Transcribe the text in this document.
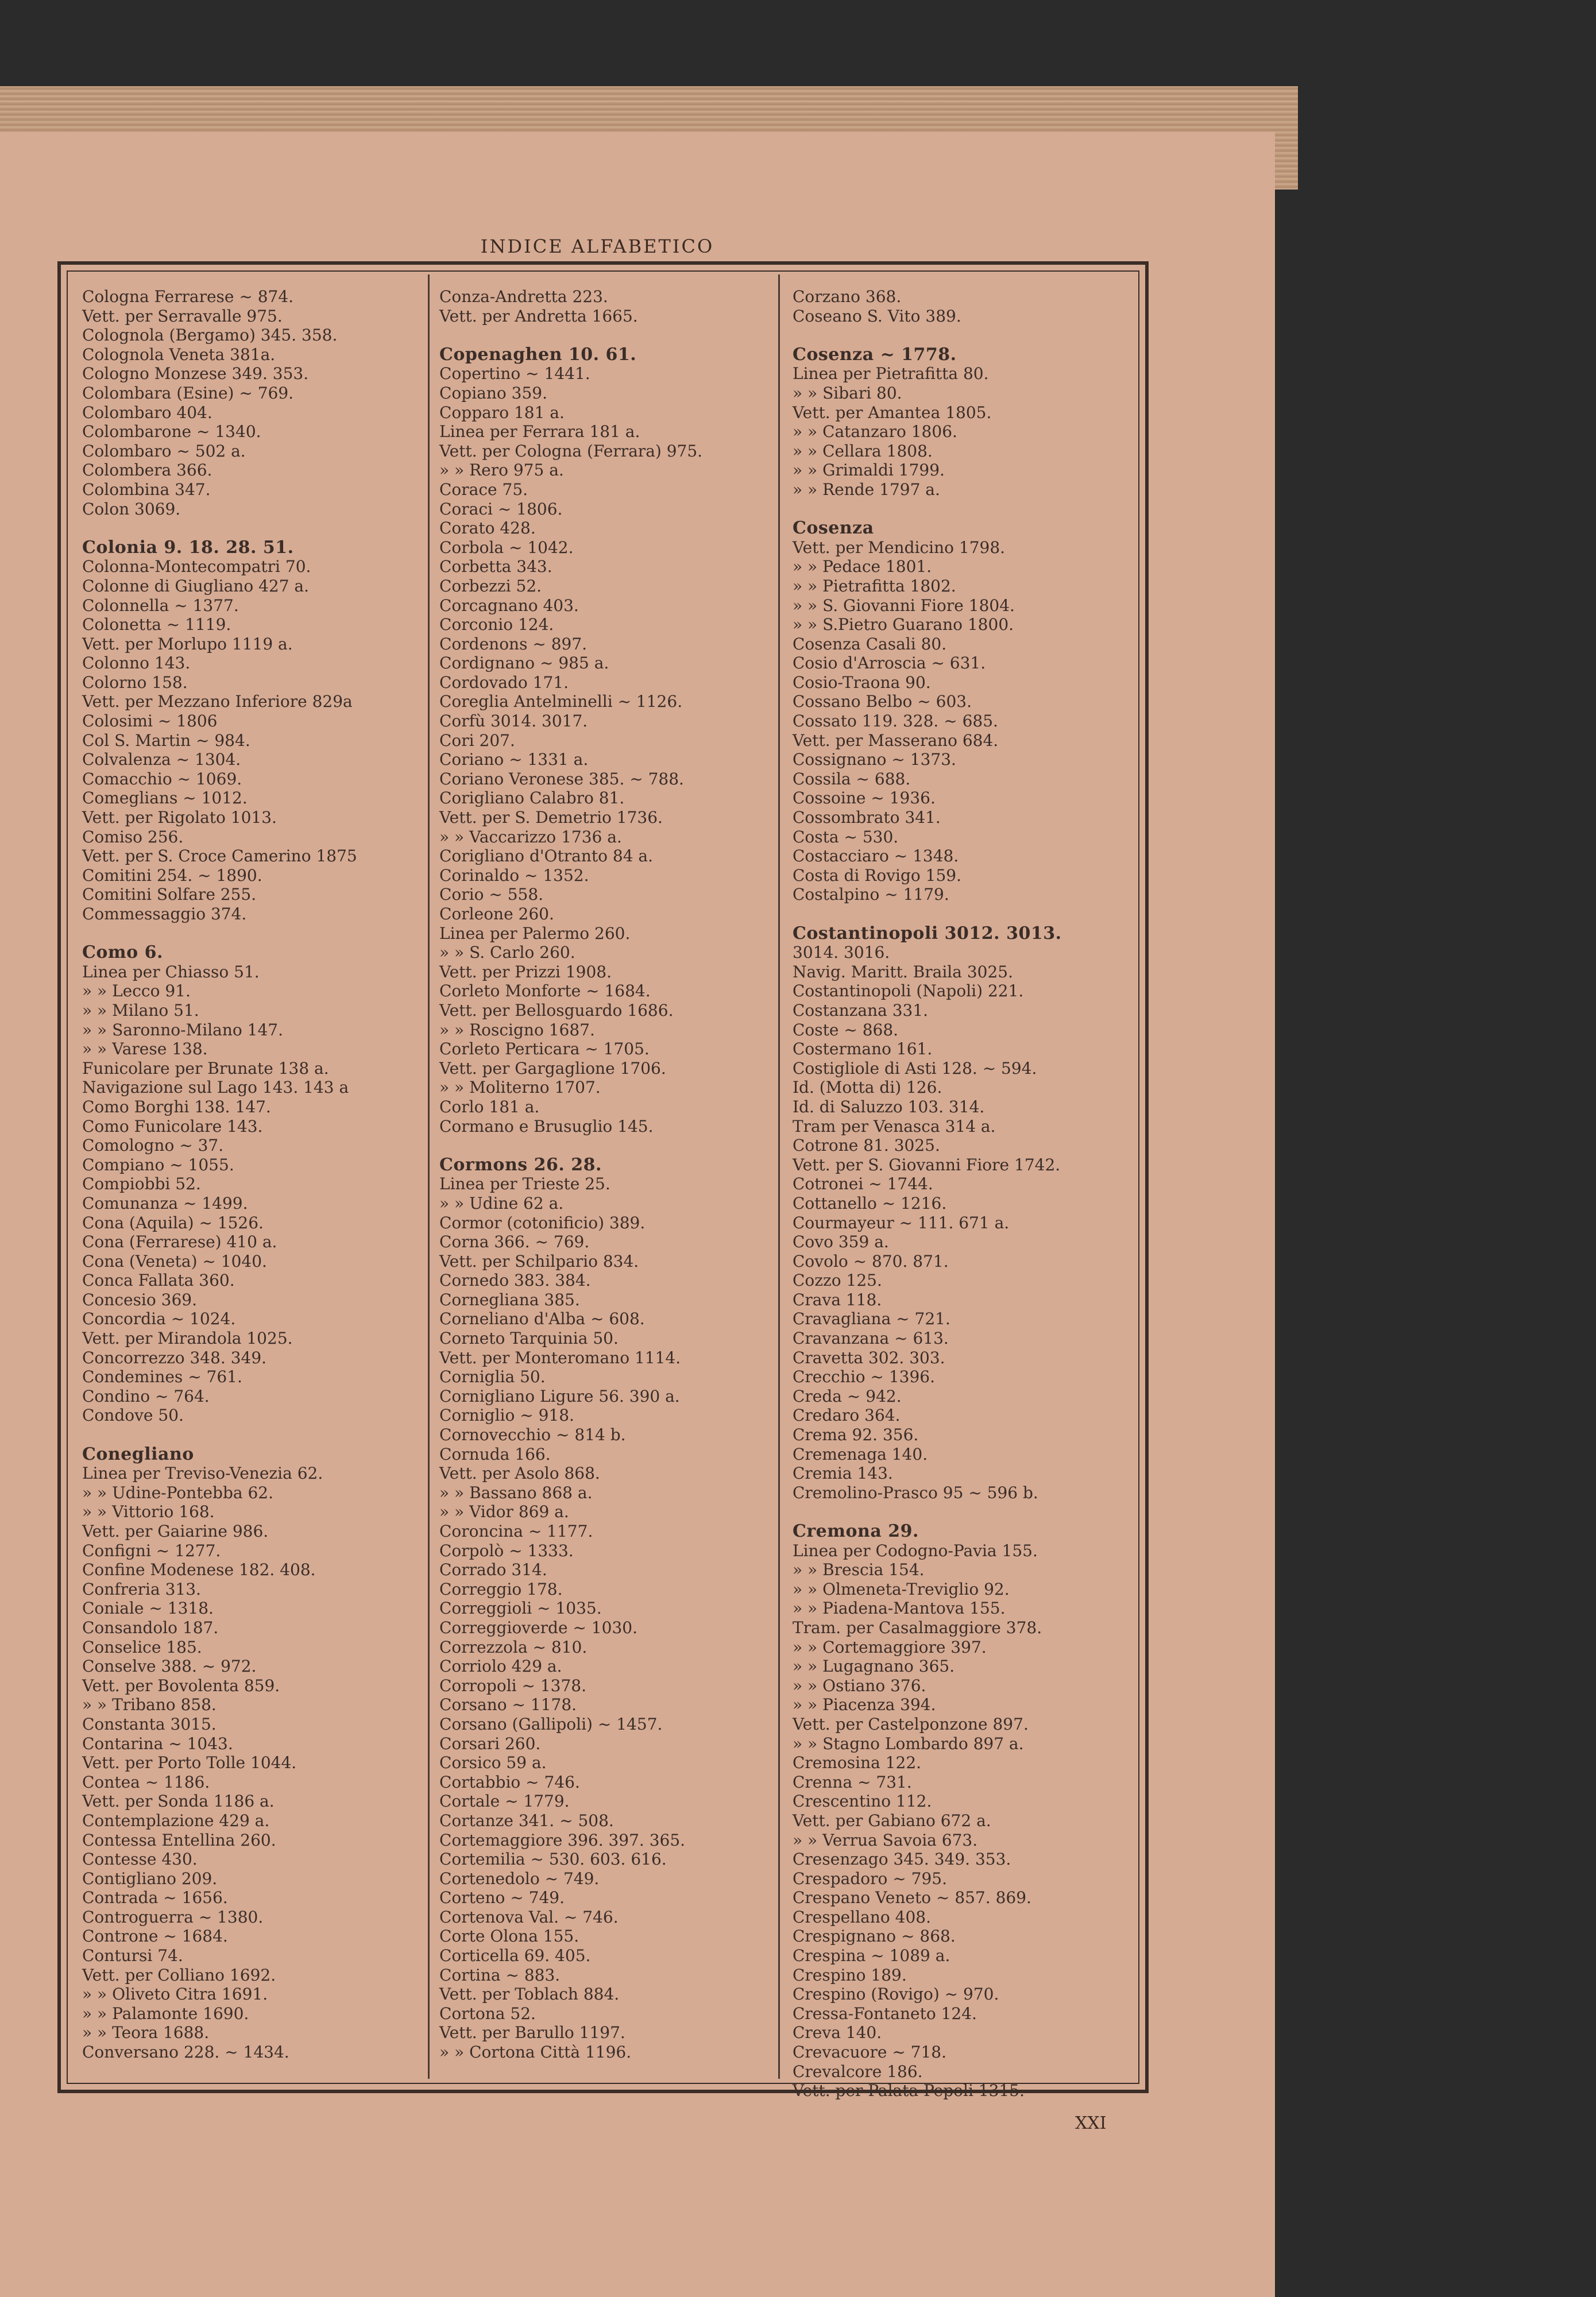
INDICE ALFABETICO
Cologna Ferrarese ~ 874.
Vett. per Serravalle 975.
Colognola (Bergamo) 345. 358.
Colognola Veneta 381a.
Cologno Monzese 349. 353.
Colombara (Esine) ~ 769.
Colombaro 404.
Colombarone ~ 1340.
Colombaro ~ 502 a.
Colombera 366.
Colombina 347.
Colon 3069.
Colonia 9. 18. 28. 51.
Colonna-Montecompatri 70.
Colonne di Giugliano 427 a.
Colonnella ~ 1377.
Colonetta ~ 1119.
Vett. per Morlupo 1119 a.
Colonno 143.
Colorno 158.
Vett. per Mezzano Inferiore 829a
Colosimi ~ 1806
Col S. Martin ~ 984.
Colvalenza ~ 1304.
Comacchio ~ 1069.
Comeglians ~ 1012.
Vett. per Rigolato 1013.
Comiso 256.
Vett. per S. Croce Camerino 1875
Comitini 254. ~ 1890.
Comitini Solfare 255.
Commessaggio 374.
Como 6.
Linea per Chiasso 51.
» » Lecco 91.
» » Milano 51.
» » Saronno-Milano 147.
» » Varese 138.
Funicolare per Brunate 138 a.
Navigazione sul Lago 143. 143 a
Como Borghi 138. 147.
Como Funicolare 143.
Comologno ~ 37.
Compiano ~ 1055.
Compiobbi 52.
Comunanza ~ 1499.
Cona (Aquila) ~ 1526.
Cona (Ferrarese) 410 a.
Cona (Veneta) ~ 1040.
Conca Fallata 360.
Concesio 369.
Concordia ~ 1024.
Vett. per Mirandola 1025.
Concorrezzo 348. 349.
Condemines ~ 761.
Condino ~ 764.
Condove 50.
Conegliano
Linea per Treviso-Venezia 62.
» » Udine-Pontebba 62.
» » Vittorio 168.
Vett. per Gaiarine 986.
Configni ~ 1277.
Confine Modenese 182. 408.
Confreria 313.
Coniale ~ 1318.
Consandolo 187.
Conselice 185.
Conselve 388. ~ 972.
Vett. per Bovolenta 859.
» » Tribano 858.
Constanta 3015.
Contarina ~ 1043.
Vett. per Porto Tolle 1044.
Contea ~ 1186.
Vett. per Sonda 1186 a.
Contemplazione 429 a.
Contessa Entellina 260.
Contesse 430.
Contigliano 209.
Contrada ~ 1656.
Controguerra ~ 1380.
Controne ~ 1684.
Contursi 74.
Vett. per Colliano 1692.
» » Oliveto Citra 1691.
» » Palamonte 1690.
» » Teora 1688.
Conversano 228. ~ 1434.
Conza-Andretta 223.
Vett. per Andretta 1665.
Copenaghen 10. 61.
Copertino ~ 1441.
Copiano 359.
Copparo 181 a.
Linea per Ferrara 181 a.
Vett. per Cologna (Ferrara) 975.
» » Rero 975 a.
Corace 75.
Coraci ~ 1806.
Corato 428.
Corbola ~ 1042.
Corbetta 343.
Corbezzi 52.
Corcagnano 403.
Corconio 124.
Cordenons ~ 897.
Cordignano ~ 985 a.
Cordovado 171.
Coreglia Antelminelli ~ 1126.
Corfù 3014. 3017.
Cori 207.
Coriano ~ 1331 a.
Coriano Veronese 385. ~ 788.
Corigliano Calabro 81.
Vett. per S. Demetrio 1736.
» » Vaccarizzo 1736 a.
Corigliano d'Otranto 84 a.
Corinaldo ~ 1352.
Corio ~ 558.
Corleone 260.
Linea per Palermo 260.
» » S. Carlo 260.
Vett. per Prizzi 1908.
Corleto Monforte ~ 1684.
Vett. per Bellosguardo 1686.
» » Roscigno 1687.
Corleto Perticara ~ 1705.
Vett. per Gargaglione 1706.
» » Moliterno 1707.
Corlo 181 a.
Cormano e Brusuglio 145.
Cormons 26. 28.
Linea per Trieste 25.
» » Udine 62 a.
Cormor (cotonificio) 389.
Corna 366. ~ 769.
Vett. per Schilpario 834.
Cornedo 383. 384.
Cornegliana 385.
Corneliano d'Alba ~ 608.
Corneto Tarquinia 50.
Vett. per Monteromano 1114.
Corniglia 50.
Cornigliano Ligure 56. 390 a.
Corniglio ~ 918.
Cornovecchio ~ 814 b.
Cornuda 166.
Vett. per Asolo 868.
» » Bassano 868 a.
» » Vidor 869 a.
Coroncina ~ 1177.
Corpolò ~ 1333.
Corrado 314.
Correggio 178.
Correggioli ~ 1035.
Correggioverde ~ 1030.
Correzzola ~ 810.
Corriolo 429 a.
Corropoli ~ 1378.
Corsano ~ 1178.
Corsano (Gallipoli) ~ 1457.
Corsari 260.
Corsico 59 a.
Cortabbio ~ 746.
Cortale ~ 1779.
Cortanze 341. ~ 508.
Cortemaggiore 396. 397. 365.
Cortemilia ~ 530. 603. 616.
Cortenedolo ~ 749.
Corteno ~ 749.
Cortenova Val. ~ 746.
Corte Olona 155.
Corticella 69. 405.
Cortina ~ 883.
Vett. per Toblach 884.
Cortona 52.
Vett. per Barullo 1197.
» » Cortona Città 1196.
Corzano 368.
Coseano S. Vito 389.
Cosenza ~ 1778.
Linea per Pietrafitta 80.
» » Sibari 80.
Vett. per Amantea 1805.
» » Catanzaro 1806.
» » Cellara 1808.
» » Grimaldi 1799.
» » Rende 1797 a.
Cosenza
Vett. per Mendicino 1798.
» » Pedace 1801.
» » Pietrafitta 1802.
» » S. Giovanni Fiore 1804.
» » S.Pietro Guarano 1800.
Cosenza Casali 80.
Cosio d'Arroscia ~ 631.
Cosio-Traona 90.
Cossano Belbo ~ 603.
Cossato 119. 328. ~ 685.
Vett. per Masserano 684.
Cossignano ~ 1373.
Cossila ~ 688.
Cossoine ~ 1936.
Cossombrato 341.
Costa ~ 530.
Costacciaro ~ 1348.
Costa di Rovigo 159.
Costalpino ~ 1179.
Costantinopoli 3012. 3013.
3014. 3016.
Navig. Maritt. Braila 3025.
Costantinopoli (Napoli) 221.
Costanzana 331.
Coste ~ 868.
Costermano 161.
Costigliole di Asti 128. ~ 594.
Id. (Motta di) 126.
Id. di Saluzzo 103. 314.
Tram per Venasca 314 a.
Cotrone 81. 3025.
Vett. per S. Giovanni Fiore 1742.
Cotronei ~ 1744.
Cottanello ~ 1216.
Courmayeur ~ 111. 671 a.
Covo 359 a.
Covolo ~ 870. 871.
Cozzo 125.
Crava 118.
Cravagliana ~ 721.
Cravanzana ~ 613.
Cravetta 302. 303.
Crecchio ~ 1396.
Creda ~ 942.
Credaro 364.
Crema 92. 356.
Cremenaga 140.
Cremia 143.
Cremolino-Prasco 95 ~ 596 b.
Cremona 29.
Linea per Codogno-Pavia 155.
» » Brescia 154.
» » Olmeneta-Treviglio 92.
» » Piadena-Mantova 155.
Tram. per Casalmaggiore 378.
» » Cortemaggiore 397.
» » Lugagnano 365.
» » Ostiano 376.
» » Piacenza 394.
Vett. per Castelponzone 897.
» » Stagno Lombardo 897 a.
Cremosina 122.
Crenna ~ 731.
Crescentino 112.
Vett. per Gabiano 672 a.
» » Verrua Savoia 673.
Cresenzago 345. 349. 353.
Crespadoro ~ 795.
Crespano Veneto ~ 857. 869.
Crespellano 408.
Crespignano ~ 868.
Crespina ~ 1089 a.
Crespino 189.
Crespino (Rovigo) ~ 970.
Cressa-Fontaneto 124.
Creva 140.
Crevacuore ~ 718.
Crevalcore 186.
Vett. per Palata Pepoli 1315.
XXI
